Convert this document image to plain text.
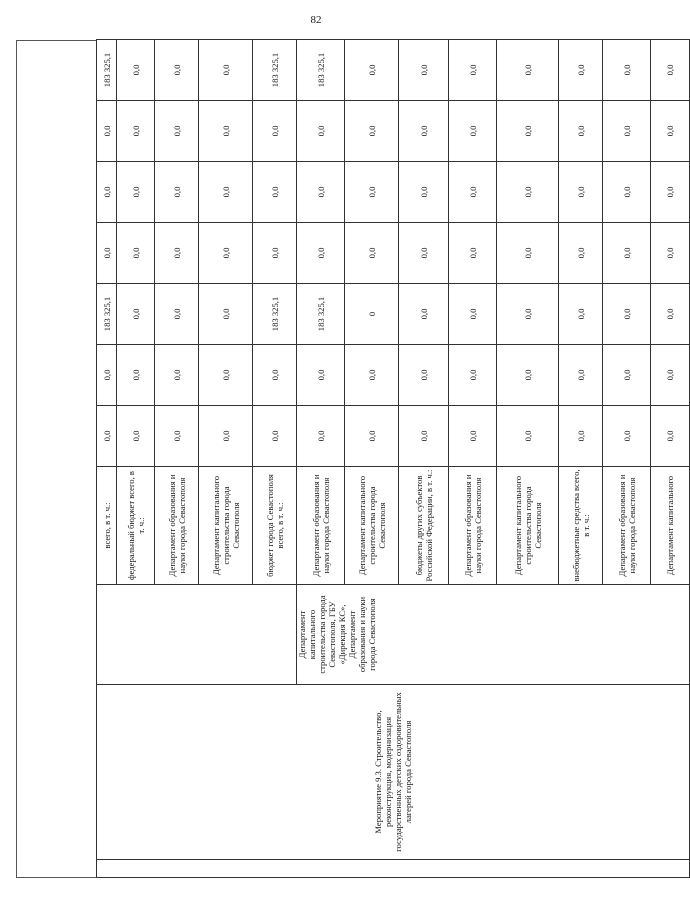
82
	Мероприятие 9.3. Строительство, реконструкция, модернизация государственных детских оздоровительных лагерей города Севастополя		всего, в т. ч.:	0,0	0,0	183 325,1	0,0	0,0	0,0	183 325,1
			федеральный бюджет всего, в т. ч.:	0,0	0,0	0,0	0,0	0,0	0,0	0,0
			Департамент образования и науки города Севастополя	0,0	0,0	0,0	0,0	0,0	0,0	0,0
			Департамент капитального строительства города Севастополя	0,0	0,0	0,0	0,0	0,0	0,0	0,0
			бюджет города Севастополя всего, в т. ч.:	0,0	0,0	183 325,1	0,0	0,0	0,0	183 325,1
		Департамент капитального строительства города Севастополя, ГБУ «Дирекция КС», Департамент образования и науки города Севастополя	Департамент образования и науки города Севастополя	0,0	0,0	183 325,1	0,0	0,0	0,0	183 325,1
			Департамент капитального строительства города Севастополя	0,0	0,0	0	0,0	0,0	0,0	0,0
			бюджеты других субъектов Российской Федерации, в т. ч.:	0,0	0,0	0,0	0,0	0,0	0,0	0,0
			Департамент образования и науки города Севастополя	0,0	0,0	0,0	0,0	0,0	0,0	0,0
			Департамент капитального строительства города Севастополя	0,0	0,0	0,0	0,0	0,0	0,0	0,0
			внебюджетные средства всего, в т. ч.:	0,0	0,0	0,0	0,0	0,0	0,0	0,0
			Департамент образования и науки города Севастополя	0,0	0,0	0,0	0,0	0,0	0,0	0,0
			Департамент капитального	0,0	0,0	0,0	0,0	0,0	0,0	0,0
